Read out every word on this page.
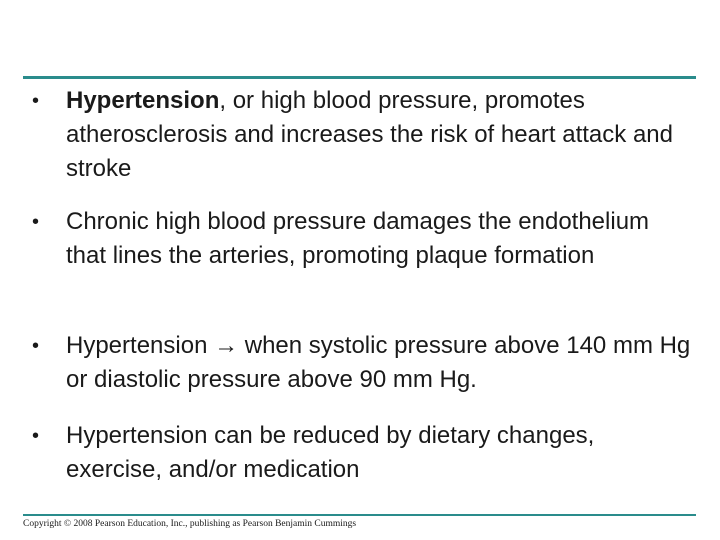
•	Hypertension, or high blood pressure, promotes atherosclerosis and increases the risk of heart attack and stroke
•	Chronic high blood pressure damages the endothelium that lines the arteries, promoting plaque formation
•	Hypertension → when systolic pressure above 140 mm Hg or diastolic pressure above 90 mm Hg.
•	Hypertension can be reduced by dietary changes, exercise, and/or medication
Copyright © 2008 Pearson Education, Inc., publishing as Pearson Benjamin Cummings
